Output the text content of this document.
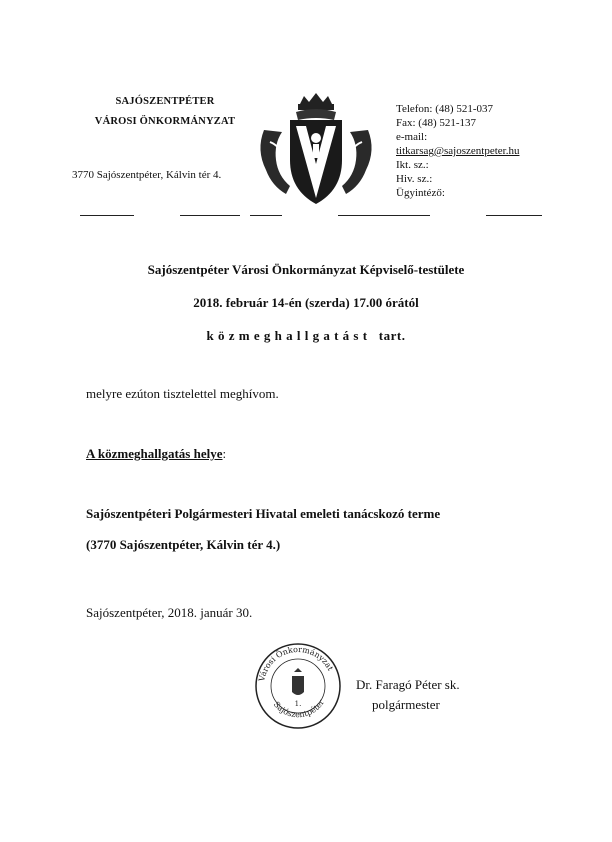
SAJÓSZENTPÉTER
VÁROSI ÖNKORMÁNYZAT
3770 Sajószentpéter, Kálvin tér 4.
Telefon: (48) 521-037
Fax: (48) 521-137
e-mail:
titkarsag@sajoszentpeter.hu
Ikt. sz.:
Hiv. sz.:
Ügyintéző:
Sajószentpéter Városi Önkormányzat Képviselő-testülete
2018. február 14-én (szerda) 17.00 órától
k ö z m e g h a l l g a t á s t tart.
melyre ezúton tisztelettel meghívom.
A közmeghallgatás helye:
Sajószentpéteri Polgármesteri Hivatal emeleti tanácskozó terme
(3770 Sajószentpéter, Kálvin tér 4.)
Sajószentpéter, 2018. január 30.
1.
Városi Önkormányzat
Sajószentpéter
Dr. Faragó Péter sk.
polgármester
